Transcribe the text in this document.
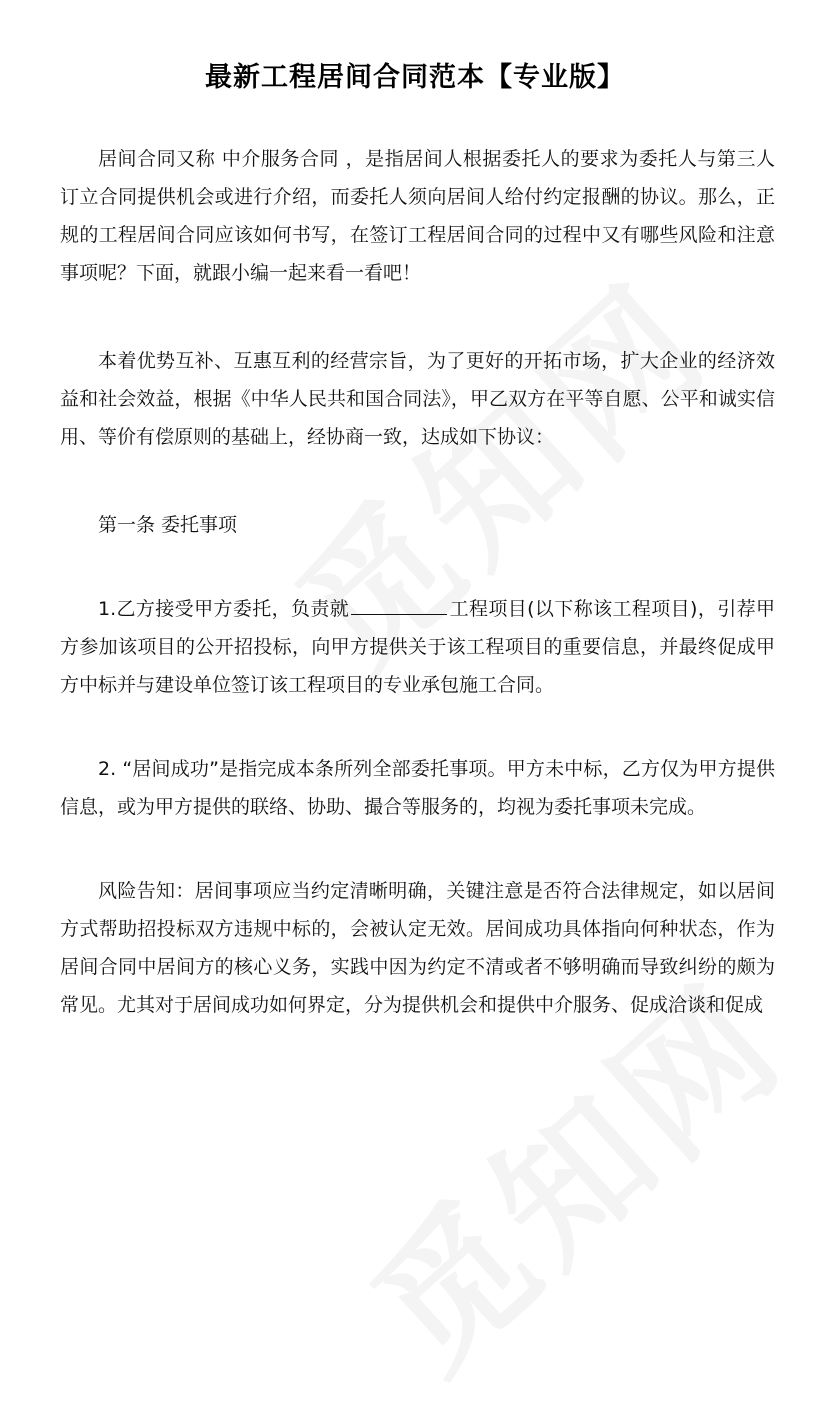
最新工程居间合同范本【专业版】

居间合同又称 中介服务合同 ，是指居间人根据委托人的要求为委托人与第三人订立合同提供机会或进行介绍，而委托人须向居间人给付约定报酬的协议。那么，正规的工程居间合同应该如何书写，在签订工程居间合同的过程中又有哪些风险和注意事项呢？下面，就跟小编一起来看一看吧！

本着优势互补、互惠互利的经营宗旨，为了更好的开拓市场，扩大企业的经济效益和社会效益，根据《中华人民共和国合同法》，甲乙双方在平等自愿、公平和诚实信用、等价有偿原则的基础上，经协商一致，达成如下协议：

第一条 委托事项

1.乙方接受甲方委托，负责就	工程项目(以下称该工程项目)，引荐甲方参加该项目的公开招投标，向甲方提供关于该工程项目的重要信息，并最终促成甲方中标并与建设单位签订该工程项目的专业承包施工合同。

2. “居间成功”是指完成本条所列全部委托事项。甲方未中标，乙方仅为甲方提供信息，或为甲方提供的联络、协助、撮合等服务的，均视为委托事项未完成。

风险告知：居间事项应当约定清晰明确，关键注意是否符合法律规定，如以居间方式帮助招投标双方违规中标的，会被认定无效。居间成功具体指向何种状态，作为居间合同中居间方的核心义务，实践中因为约定不清或者不够明确而导致纠纷的颇为常见。尤其对于居间成功如何界定，分为提供机会和提供中介服务、促成洽谈和促成
